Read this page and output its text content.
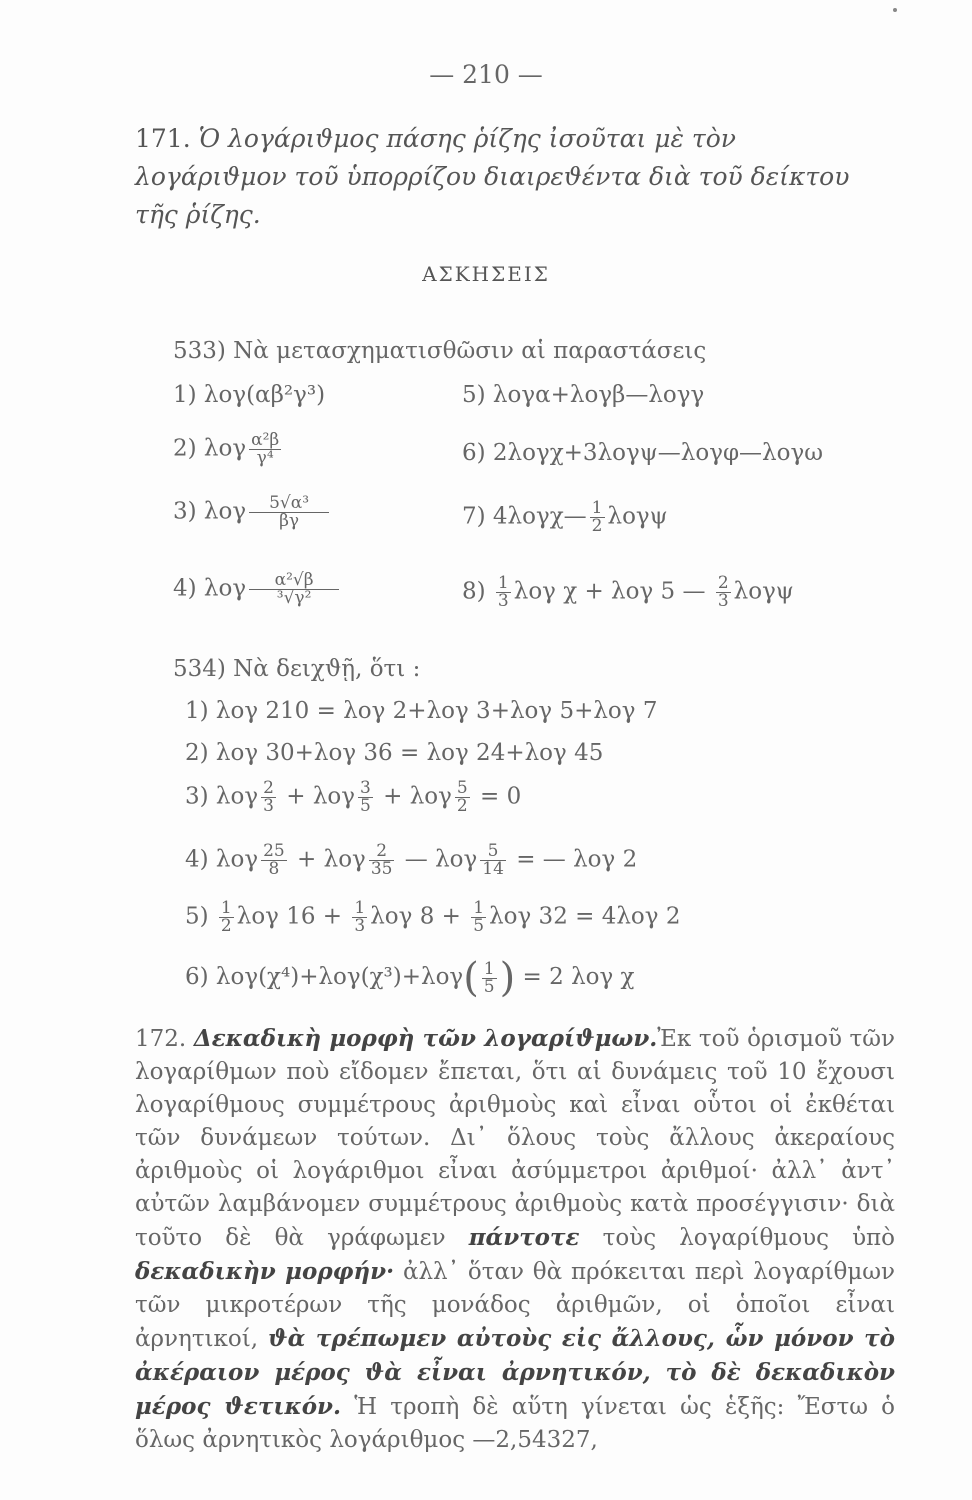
— 210 —
171. Ὁ λογάριϑμος πάσης ῥίζης ἰσοῦται μὲ τὸν λογάριϑμον τοῦ ὑπορρίζου διαιρεϑέντα διὰ τοῦ δείκτου τῆς ῥίζης.
ΑΣΚΗΣΕΙΣ
533) Νὰ μετασχηματισθῶσιν αἱ παραστάσεις
1) λογ(αβ²γ³)	5) λογα+λογβ—λογγ
2) λογ $\frac{\text{α²β}}{\text{γ⁴}}$	6) 2λογχ+3λογψ—λογφ—λογω
3) λογ $\frac{\text{5√α³}}{\beta\gamma}$	7) 4λογχ— $\frac{1}{2}$ λογψ
4) λογ $\frac{\text{α²√β}}{\text{³√γ²}}$	$8) \frac{1}{3}$ λογ χ + λογ 5 — $\frac{2}{3}$ λογψ
534) Νὰ δειχϑῇ, ὅτι :
1) λογ 210 = λογ 2+λογ 3+λογ 5+λογ 7
2) λογ 30+λογ 36 = λογ 24+λογ 45
3) λογ $\frac{2}{3} + \lambda o\gamma \frac{3}{5} + \lambda o\gamma \frac{5}{2} = 0$
4) λογ $\frac{25}{8} + \lambda o\gamma \frac{2}{35}$ — λογ $\frac{5}{14}$ = — λογ 2
$5) \frac{1}{2}$ λογ $16 + \frac{1}{3}$ λογ $8 + \frac{1}{5}$ λογ 32 = 4λογ 2
6) $\lambda o\gamma(\chi^4)+\lambda o\gamma(\chi^3)+\lambda o\gamma( \frac{1}{5}$ ) = 2 λογ χ
172. Δεκαδικὴ μορφὴ τῶν λογαρίϑμων.Ἐκ τοῦ ὁρισμοῦ τῶν λογαρίθμων ποὺ εἴδομεν ἔπεται, ὅτι αἱ δυνάμεις τοῦ 10 ἔχουσι λογαρίθμους συμμέτρους ἀριθμοὺς καὶ εἶναι οὗτοι οἱ ἐκθέται τῶν δυνάμεων τούτων. Δι᾽ ὅλους τοὺς ἄλλους ἀκεραίους ἀριθμοὺς οἱ λογάριθμοι εἶναι ἀσύμμετροι ἀριθμοί· ἀλλ᾽ ἀντ᾽ αὐτῶν λαμβάνομεν συμμέτρους ἀριθμοὺς κατὰ προσέγγισιν· διὰ τοῦτο δὲ θὰ γράφωμεν πάντοτε τοὺς λογαρίθμους ὑπὸ δεκαδικὴν μορφήν· ἀλλ᾽ ὅταν θὰ πρόκειται περὶ λογαρίθμων τῶν μικροτέρων τῆς μονάδος ἀριθμῶν, οἱ ὁποῖοι εἶναι ἀρνητικοί, ϑὰ τρέπωμεν αὐτοὺς εἰς ἄλλους, ὧν μόνον τὸ ἀκέραιον μέρος ϑὰ εἶναι ἀρνητικόν, τὸ δὲ δεκαδικὸν μέρος ϑετικόν. Ἡ τροπὴ δὲ αὕτη γίνεται ὡς ἑξῆς: Ἔστω ὁ ὅλως ἀρνητικὸς λογάριθμος —2,54327,
